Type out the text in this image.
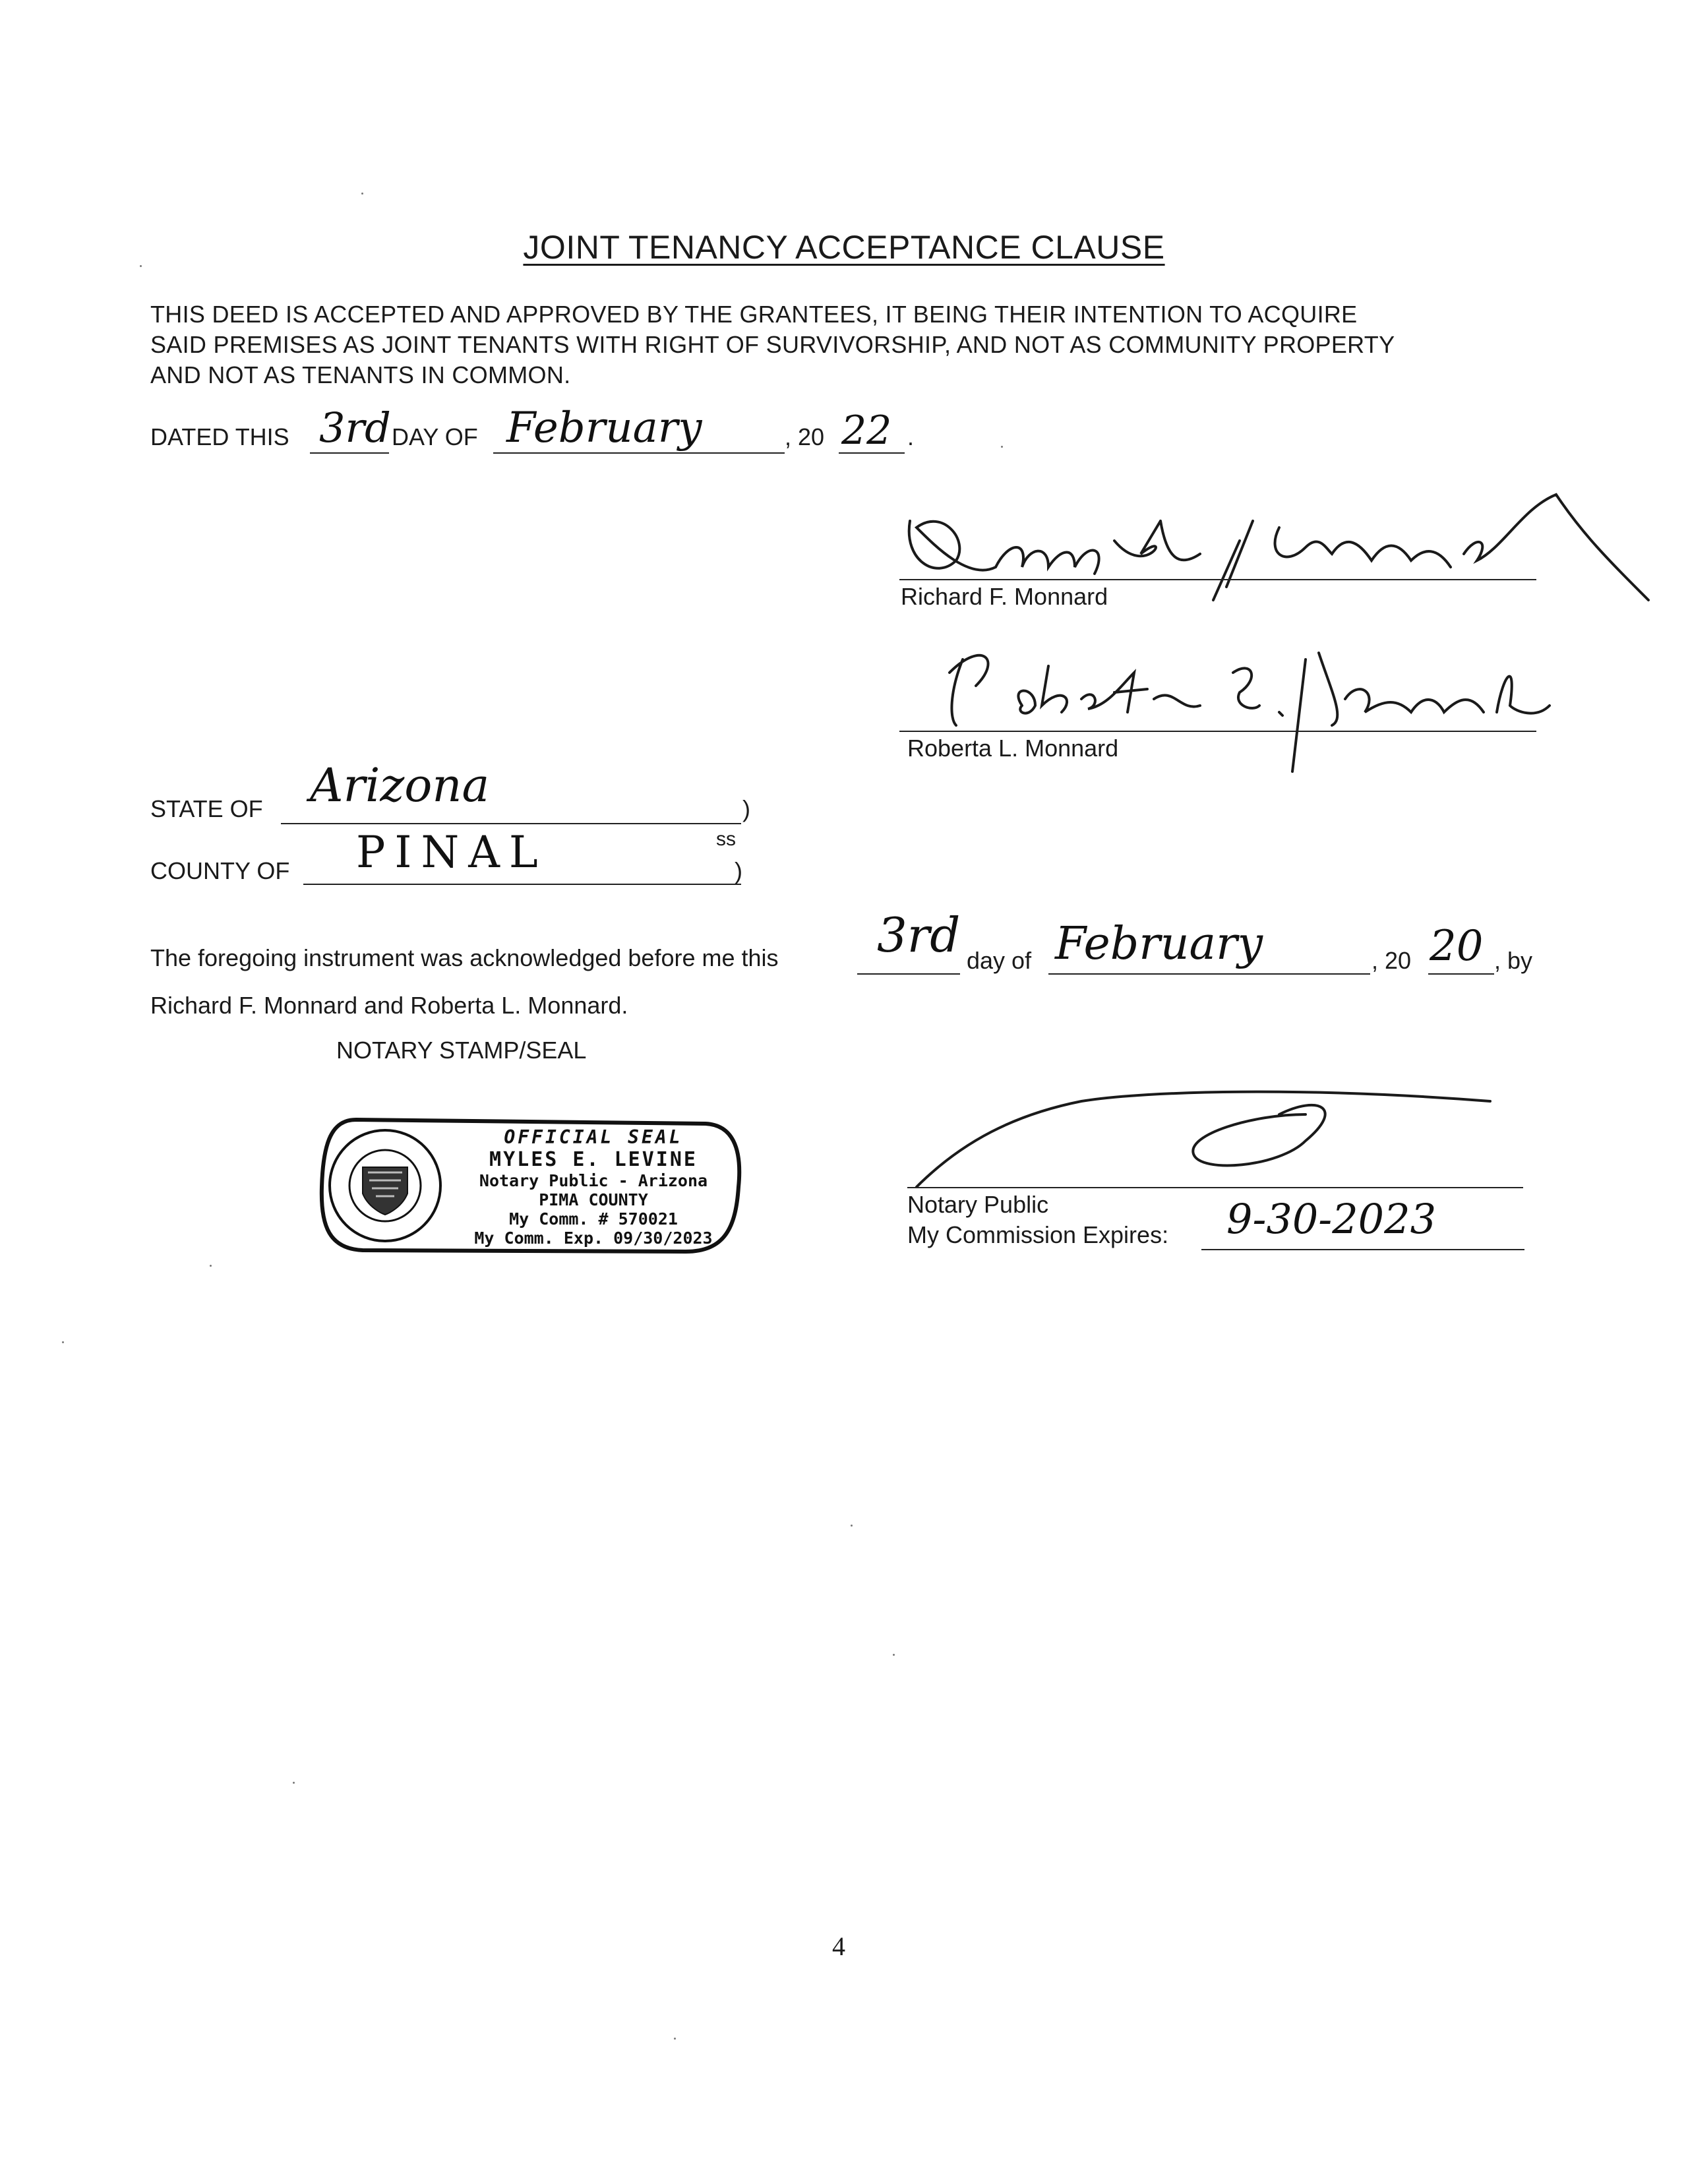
JOINT TENANCY ACCEPTANCE CLAUSE
THIS DEED IS ACCEPTED AND APPROVED BY THE GRANTEES, IT BEING THEIR INTENTION TO ACQUIRE
SAID PREMISES AS JOINT TENANTS WITH RIGHT OF SURVIVORSHIP, AND NOT AS COMMUNITY PROPERTY
AND NOT AS TENANTS IN COMMON.
DATED THIS 3rd DAY OF February	, 20 22 .
Richard F. Monnard
Roberta L. Monnard
STATE OF Arizona	)
ss
COUNTY OF PINAL	)
The foregoing instrument was acknowledged before me this 3rd day of February	, 20 20 , by
Richard F. Monnard and Roberta L. Monnard.
NOTARY STAMP/SEAL
OFFICIAL SEAL
MYLES E. LEVINE
Notary Public - Arizona
PIMA COUNTY
My Comm. # 570021
My Comm. Exp. 09/30/2023
Notary Public
My Commission Expires: 9-30-2023
4
